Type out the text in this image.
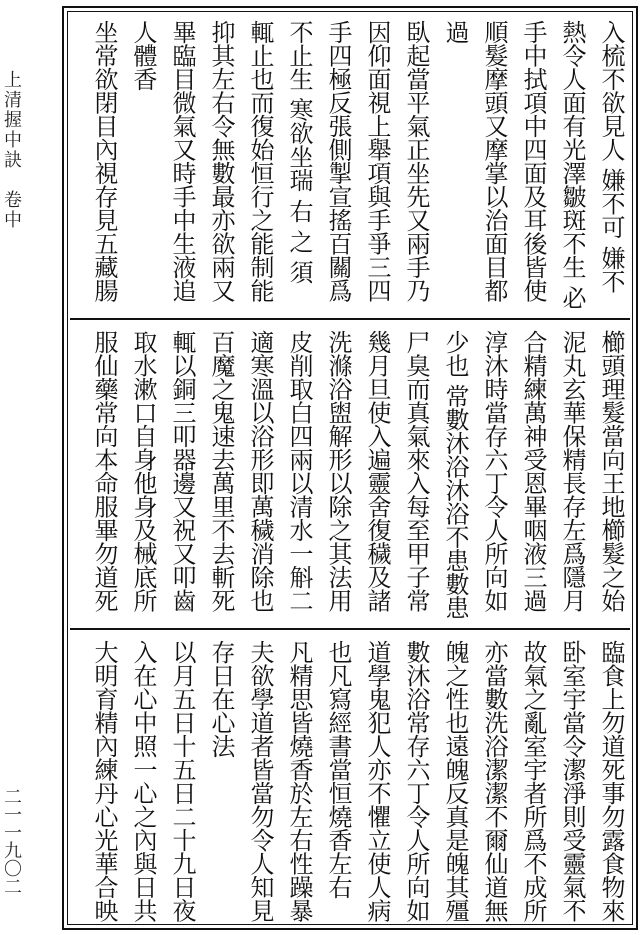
上清握中訣　卷中
二一一九〇二
入梳不欲見人 嫌不可 嫌不
熱令人面有光澤皺斑不生 必
手中拭項中四面及耳後皆使
順髮摩頭又摩掌以治面目都
過
臥起當平氣正坐先又兩手乃
因仰面視上舉項與手爭三四
手四極反張側掣宣搖百關爲
不止生 寒欲坐瑞 右 之 須
輒止也而復始恒行之能制能
抑其左右令無數最亦欲兩又
畢臨目微氣又時手中生液追
人體香
坐常欲閉目內視存見五藏腸
櫛頭理髮當向王地櫛髮之始
泥丸玄華保精長存左爲隱月
合精練萬神受恩畢咽液三過
淳沐時當存六丁令人所向如
少也 常數沐浴沐浴不患數患
尸臭而真氣來入每至甲子常
幾月旦使入遍靈舍復穢及諸
洗滌浴盥解形以除之其法用
皮削取白四兩以清水一斛二
適寒溫以浴形即萬穢消除也
百魔之鬼速去萬里不去斬死
輒以銅三叩器邊又祝又叩齒
取水漱口自身他身及械底所
服仙藥常向本命服畢勿道死
臨食上勿道死事勿露食物來
卧室宇當令潔淨則受靈氣不
故氣之亂室宇者所爲不成所
亦當數洗浴潔潔不爾仙道無
魄之性也遠魄反真是魄其殭
數沐浴常存六丁令人所向如
道學鬼犯人亦不懼立使人病
也凡寫經書當恒燒香左右
凡精思皆燒香於左右性躁暴
夫欲學道者皆當勿令人知見
存日在心法
以月五日十五日二十九日夜
入在心中照一心之內與日共
大明育精內練丹心光華合映
